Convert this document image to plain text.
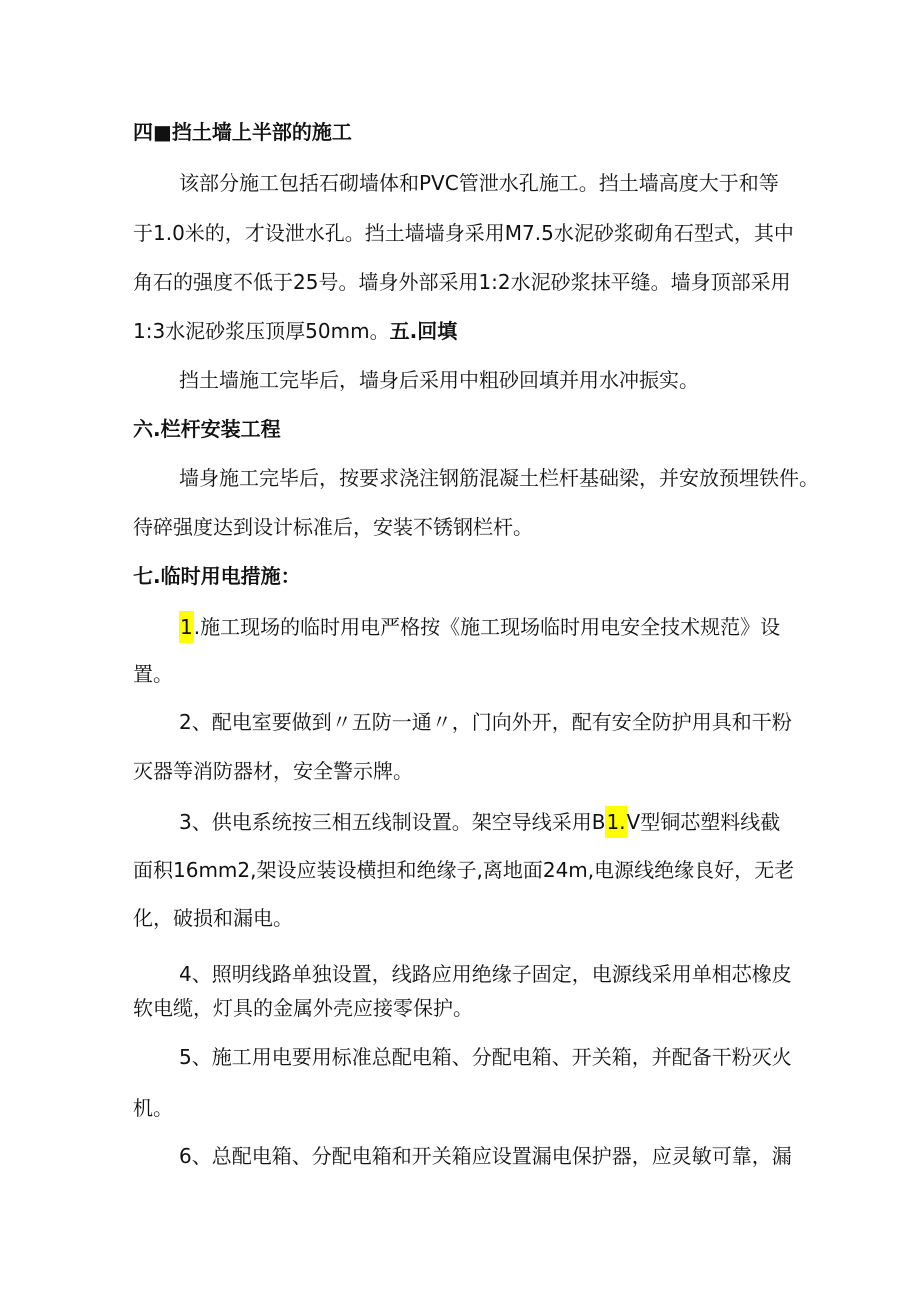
四■挡土墙上半部的施工
该部分施工包括石砌墙体和PVC管泄水孔施工。挡土墙高度大于和等
于1.0米的，才设泄水孔。挡土墙墙身采用M7.5水泥砂浆砌角石型式，其中
角石的强度不低于25号。墙身外部采用1:2水泥砂浆抹平缝。墙身顶部采用
1:3水泥砂浆压顶厚50mm。五.回填
挡土墙施工完毕后，墙身后采用中粗砂回填并用水冲振实。
六.栏杆安装工程
墙身施工完毕后，按要求浇注钢筋混凝土栏杆基础梁，并安放预埋铁件。
待碎强度达到设计标准后，安装不锈钢栏杆。
七.临时用电措施：
1.施工现场的临时用电严格按《施工现场临时用电安全技术规范》设
置。
2、配电室要做到〃五防一通〃，门向外开，配有安全防护用具和干粉
灭器等消防器材，安全警示牌。
3、供电系统按三相五线制设置。架空导线采用B1.V型铜芯塑料线截
面积16mm2,架设应装设横担和绝缘子,离地面24m,电源线绝缘良好，无老
化，破损和漏电。
4、照明线路单独设置，线路应用绝缘子固定，电源线采用单相芯橡皮
软电缆，灯具的金属外壳应接零保护。
5、施工用电要用标准总配电箱、分配电箱、开关箱，并配备干粉灭火
机。
6、总配电箱、分配电箱和开关箱应设置漏电保护器，应灵敏可靠，漏
